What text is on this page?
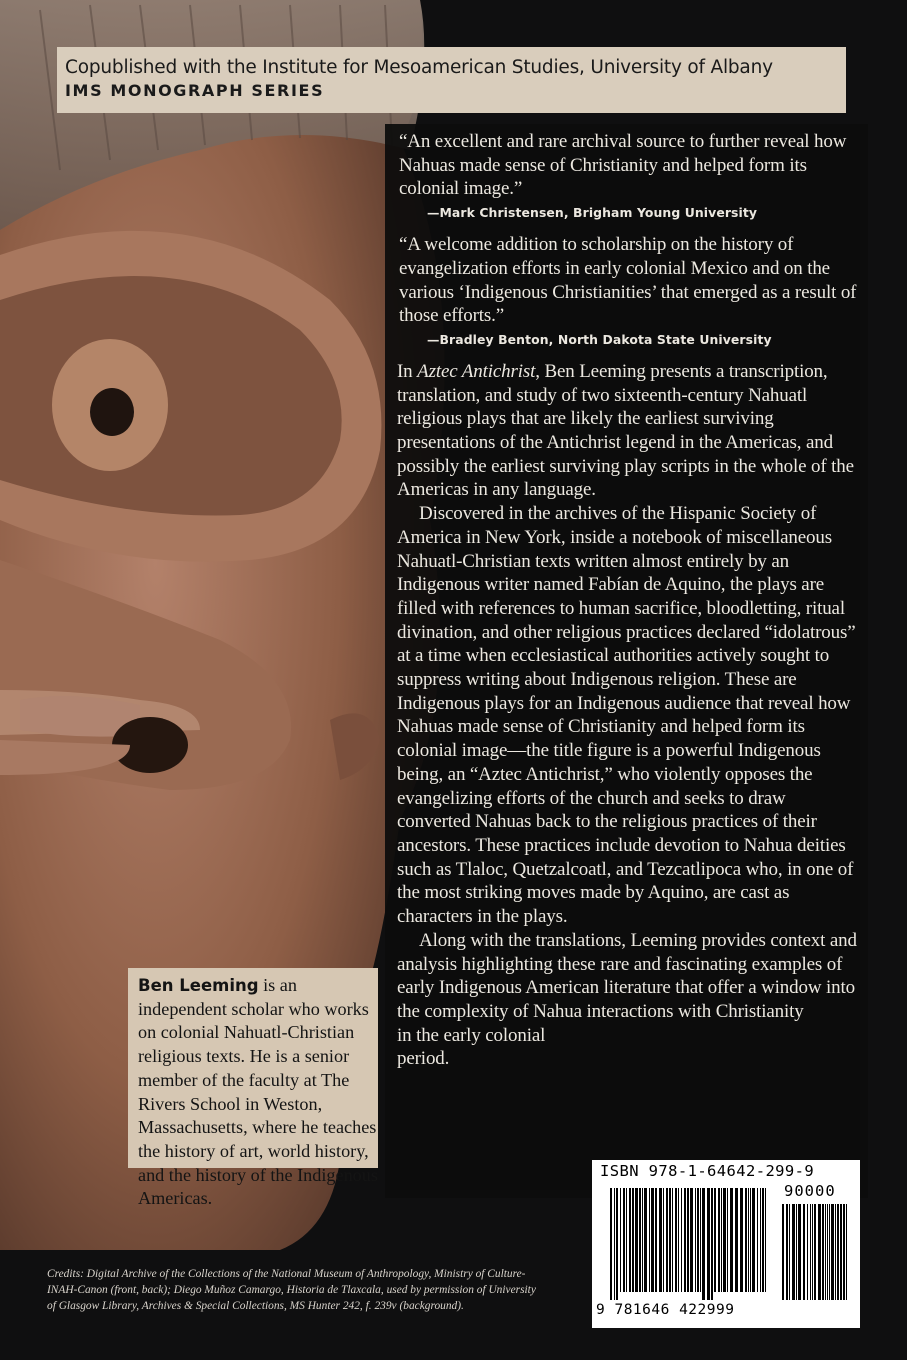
Copublished with the Institute for Mesoamerican Studies, University of Albany
IMS MONOGRAPH SERIES

“An excellent and rare archival source to further reveal how Nahuas made sense of Christianity and helped form its colonial image.”

—Mark Christensen, Brigham Young University

“A welcome addition to scholarship on the history of evangelization efforts in early colonial Mexico and on the various ‘Indigenous Christianities’ that emerged as a result of those efforts.”

—Bradley Benton, North Dakota State University

In Aztec Antichrist, Ben Leeming presents a transcription, translation, and study of two sixteenth-century Nahuatl religious plays that are likely the earliest surviving presentations of the Antichrist legend in the Americas, and possibly the earliest surviving play scripts in the whole of the Americas in any language.

Discovered in the archives of the Hispanic Society of America in New York, inside a notebook of miscellaneous Nahuatl-Christian texts written almost entirely by an Indigenous writer named Fabían de Aquino, the plays are filled with references to human sacrifice, bloodletting, ritual divination, and other religious practices declared “idolatrous” at a time when ecclesiastical authorities actively sought to suppress writing about Indigenous religion. These are Indigenous plays for an Indigenous audience that reveal how Nahuas made sense of Christianity and helped form its colonial image—the title figure is a powerful Indigenous being, an “Aztec Antichrist,” who violently opposes the evangelizing efforts of the church and seeks to draw converted Nahuas back to the religious practices of their ancestors. These practices include devotion to Nahua deities such as Tlaloc, Quetzalcoatl, and Tezcatlipoca who, in one of the most striking moves made by Aquino, are cast as characters in the plays.

Along with the translations, Leeming provides context and analysis highlighting these rare and fascinating examples of early Indigenous American literature that offer a window into the complexity of Nahua interactions with Christianity

in the early colonial period.

Ben Leeming is an independent scholar who works on colonial Nahuatl-Christian religious texts. He is a senior member of the faculty at The Rivers School in Weston, Massachusetts, where he teaches the history of art, world history, and the history of the Indigenous Americas.
Credits: Digital Archive of the Collections of the National Museum of Anthropology, Ministry of Culture-INAH-Canon (front, back); Diego Muñoz Camargo, Historia de Tlaxcala, used by permission of University of Glasgow Library, Archives & Special Collections, MS Hunter 242, f. 239v (background).
ISBN 978-1-64642-299-9
90000
9 781646 422999
